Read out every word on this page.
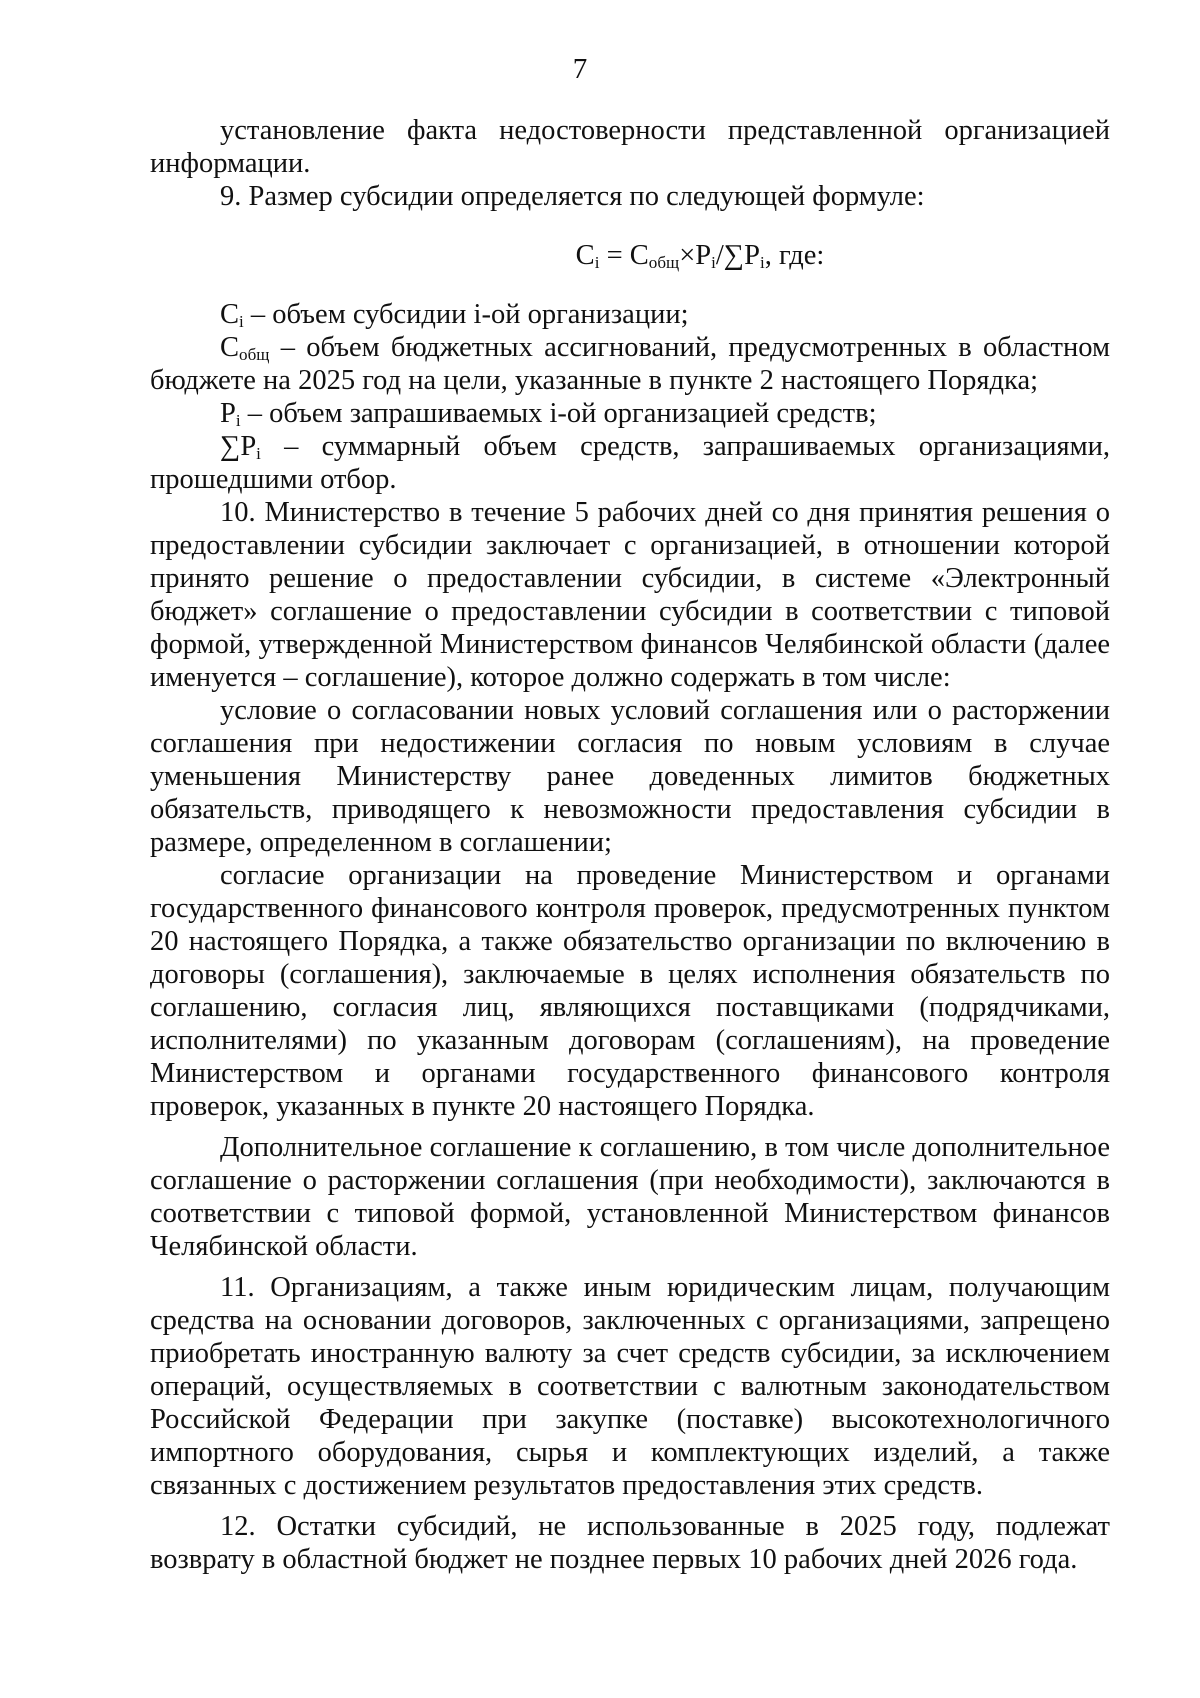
7

установление факта недостоверности представленной организацией информации.

9. Размер субсидии определяется по следующей формуле:

$C_i = C_{общ}\times P_i/\sum P_i$, где:

$C_i$ – объем субсидии i-ой организации;

$C_{общ}$ – объем бюджетных ассигнований, предусмотренных в областном бюджете на 2025 год на цели, указанные в пункте 2 настоящего Порядка;

$P_i$ – объем запрашиваемых i-ой организацией средств;

$\sum P_i$ – суммарный объем средств, запрашиваемых организациями, прошедшими отбор.

10. Министерство в течение 5 рабочих дней со дня принятия решения о предоставлении субсидии заключает с организацией, в отношении которой принято решение о предоставлении субсидии, в системе «Электронный бюджет» соглашение о предоставлении субсидии в соответствии с типовой формой, утвержденной Министерством финансов Челябинской области (далее именуется – соглашение), которое должно содержать в том числе:

условие о согласовании новых условий соглашения или о расторжении соглашения при недостижении согласия по новым условиям в случае уменьшения Министерству ранее доведенных лимитов бюджетных обязательств, приводящего к невозможности предоставления субсидии в размере, определенном в соглашении;

согласие организации на проведение Министерством и органами государственного финансового контроля проверок, предусмотренных пунктом 20 настоящего Порядка, а также обязательство организации по включению в договоры (соглашения), заключаемые в целях исполнения обязательств по соглашению, согласия лиц, являющихся поставщиками (подрядчиками, исполнителями) по указанным договорам (соглашениям), на проведение Министерством и органами государственного финансового контроля проверок, указанных в пункте 20 настоящего Порядка.

Дополнительное соглашение к соглашению, в том числе дополнительное соглашение о расторжении соглашения (при необходимости), заключаются в соответствии с типовой формой, установленной Министерством финансов Челябинской области.

11. Организациям, а также иным юридическим лицам, получающим средства на основании договоров, заключенных с организациями, запрещено приобретать иностранную валюту за счет средств субсидии, за исключением операций, осуществляемых в соответствии с валютным законодательством Российской Федерации при закупке (поставке) высокотехнологичного импортного оборудования, сырья и комплектующих изделий, а также связанных с достижением результатов предоставления этих средств.

12. Остатки субсидий, не использованные в 2025 году, подлежат возврату в областной бюджет не позднее первых 10 рабочих дней 2026 года.
